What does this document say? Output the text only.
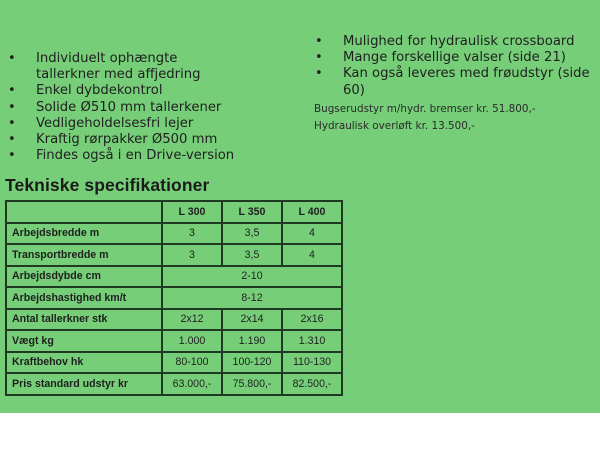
• Individuelt ophængte
tallerkner med affjedring
• Enkel dybdekontrol
• Solide Ø510 mm tallerkener
• Vedligeholdelsesfri lejer
• Kraftig rørpakker Ø500 mm
• Findes også i en Drive-version
• Mulighed for hydraulisk crossboard
• Mange forskellige valser (side 21)
• Kan også leveres med frøudstyr (side 60)
Bugserudstyr m/hydr. bremser kr. 51.800,-
Hydraulisk overløft kr. 13.500,-
Tekniske specifikationer
	L 300	L 350	L 400
Arbejdsbredde m	3	3,5	4
Transportbredde m	3	3,5	4
Arbejdsdybde cm	2-10		
Arbejdshastighed km/t	8-12		
Antal tallerkner stk	2x12	2x14	2x16
Vægt kg	1.000	1.190	1.310
Kraftbehov hk	80-100	100-120	110-130
Pris standard udstyr kr	63.000,-	75.800,-	82.500,-
